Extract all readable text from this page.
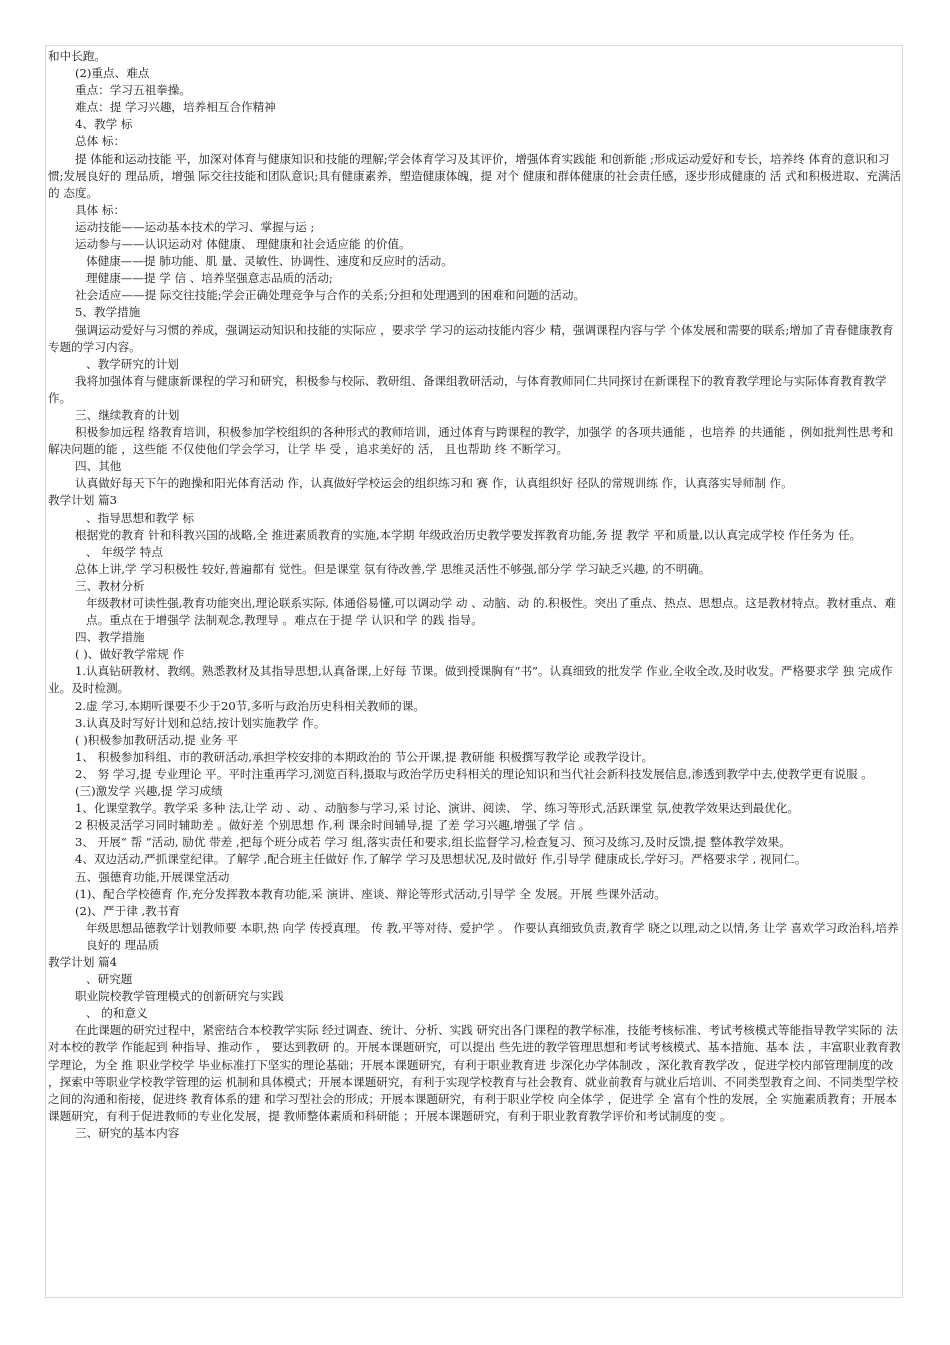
和中长跑。

(2)重点、难点

重点：学习五祖拳操。

难点：提 学习兴趣，培养相互合作精神

4、教学 标

总体 标：

提 体能和运动技能 平，加深对体育与健康知识和技能的理解;学会体育学习及其评价，增强体育实践能 和创新能 ;形成运动爱好和专长，培养终 体育的意识和习惯;发展良好的 理品质，增强 际交往技能和团队意识;具有健康素养，塑造健康体魄，提 对个 健康和群体健康的社会责任感，逐步形成健康的 活 式和积极进取、充满活 的 态度。

具体 标：

运动技能——运动基本技术的学习、掌握与运 ;

运动参与——认识运动对 体健康、 理健康和社会适应能 的价值。

体健康——提 肺功能、肌 量、灵敏性、协调性、速度和反应时的活动。

理健康——提 学 信 、培养坚强意志品质的活动;

社会适应——提 际交往技能;学会正确处理竞争与合作的关系;分担和处理遇到的困难和问题的活动。

5、教学措施

强调运动爱好与习惯的养成，强调运动知识和技能的实际应 ，要求学 学习的运动技能内容少 精，强调课程内容与学 个体发展和需要的联系;增加了青春健康教育专题的学习内容。

、教学研究的计划

我将加强体育与健康新课程的学习和研究，积极参与校际、教研组、备课组教研活动，与体育教师同仁共同探讨在新课程下的教育教学理论与实际体育教育教学 作。

三、继续教育的计划

积极参加远程 络教育培训，积极参加学校组织的各种形式的教师培训，通过体育与跨课程的教学，加强学 的各项共通能 ，也培养 的共通能 ，例如批判性思考和解决问题的能 ，这些能 不仅使他们学会学习，让学 毕 受 ，追求美好的 活， 且也帮助 终 不断学习。

四、其他

认真做好每天下午的跑操和阳光体育活动 作，认真做好学校运会的组织练习和 赛 作，认真组织好 径队的常规训练 作，认真落实导师制 作。

教学计划 篇3

、指导思想和教学 标

根据党的教育 针和科教兴国的战略,全 推进素质教育的实施,本学期 年级政治历史教学要发挥教育功能,务 提 教学 平和质量,以认真完成学校 作任务为 任。

、 年级学 特点

总体上讲,学 学习积极性 较好,普遍都有 觉性。但是课堂 氛有待改善,学 思维灵活性不够强,部分学 学习缺乏兴趣, 的不明确。

三、教材分析

年级教材可读性强,教育功能突出,理论联系实际, 体通俗易懂,可以调动学 动 、动脑、动 的.积极性。突出了重点、热点、思想点。这是教材特点。教材重点、难点。重点在于增强学 法制观念,教理导 。难点在于提 学 认识和学 的践 指导。

四、教学措施

( )、做好教学常规 作

1.认真钻研教材、教纲。熟悉教材及其指导思想,认真备课,上好每 节课。做到授课胸有“书”。认真细致的批发学 作业,全收全改,及时收发。严格要求学 独 完成作业。及时检测。

2.虚 学习,本期听课要不少于20节,多听与政治历史科相关教师的课。

3.认真及时写好计划和总结,按计划实施教学 作。

( )积极参加教研活动,提 业务 平

1、 积极参加科组、市的教研活动,承担学校安排的本期政治的 节公开课,提 教研能 积极撰写教学论 或教学设计。

2、 努 学习,提 专业理论 平。平时注重再学习,浏览百科,摄取与政治学历史科相关的理论知识和当代社会新科技发展信息,渗透到教学中去,使教学更有说服 。

(三)激发学 兴趣,提 学习成绩

1、化课堂教学。教学采 多种 法,让学 动 、动 、动脑参与学习,采 讨论、演讲、阅读、 学、练习等形式,活跃课堂 氛,使教学效果达到最优化。

2 积极灵活学习同时辅助差 。做好差 个别思想 作,利 课余时间辅导,提 了差 学习兴趣,增强了学 信 。

3、 开展“ 帮 ”活动, 励优 带差 ,把每个班分成若 学习 组,落实责任和要求,组长监督学习,检查复习、预习及练习,及时反馈,提 整体教学效果。

4、双边活动,严抓课堂纪律。了解学 ,配合班主任做好 作,了解学 学习及思想状况,及时做好 作,引导学 健康成长,学好习。严格要求学 , 视同仁。

五、强德育功能,开展课堂活动

(1)、配合学校德育 作,充分发挥教本教育功能,采 演讲、座谈、辩论等形式活动,引导学 全 发展。开展 些课外活动。

(2)、严于律 ,教书育

年级思想品德教学计划教师要 本职,热 向学 传授真理。 传 教,平等对待、爱护学 。 作要认真细致负责,教育学 晓之以理,动之以情,务 让学 喜欢学习政治科,培养良好的 理品质

教学计划 篇4

、研究题

职业院校教学管理模式的创新研究与实践

、 的和意义

在此课题的研究过程中，紧密结合本校教学实际 经过调查、统计、分析、实践 研究出各门课程的教学标准，技能考核标准、考试考核模式等能指导教学实际的 法 对本校的教学 作能起到 种指导、推动作 ， 要达到教研 的。开展本课题研究，可以提出 些先进的教学管理思想和考试考核模式、基本措施、基本 法 ，丰富职业教育教学理论，为全 推 职业学校学 毕业标准打下坚实的理论基础；开展本课题研究，有利于职业教育进 步深化办学体制改 ，深化教育教学改 ，促进学校内部管理制度的改 ，探索中等职业学校教学管理的运 机制和具体模式；开展本课题研究，有利于实现学校教育与社会教育、就业前教育与就业后培训、不同类型教育之间、不同类型学校之间的沟通和衔接，促进终 教育体系的建 和学习型社会的形成；开展本课题研究，有利于职业学校 向全体学 ，促进学 全 富有个性的发展，全 实施素质教育；开展本课题研究，有利于促进教师的专业化发展，提 教师整体素质和科研能 ；开展本课题研究，有利于职业教育教学评价和考试制度的变 。

三、研究的基本内容
